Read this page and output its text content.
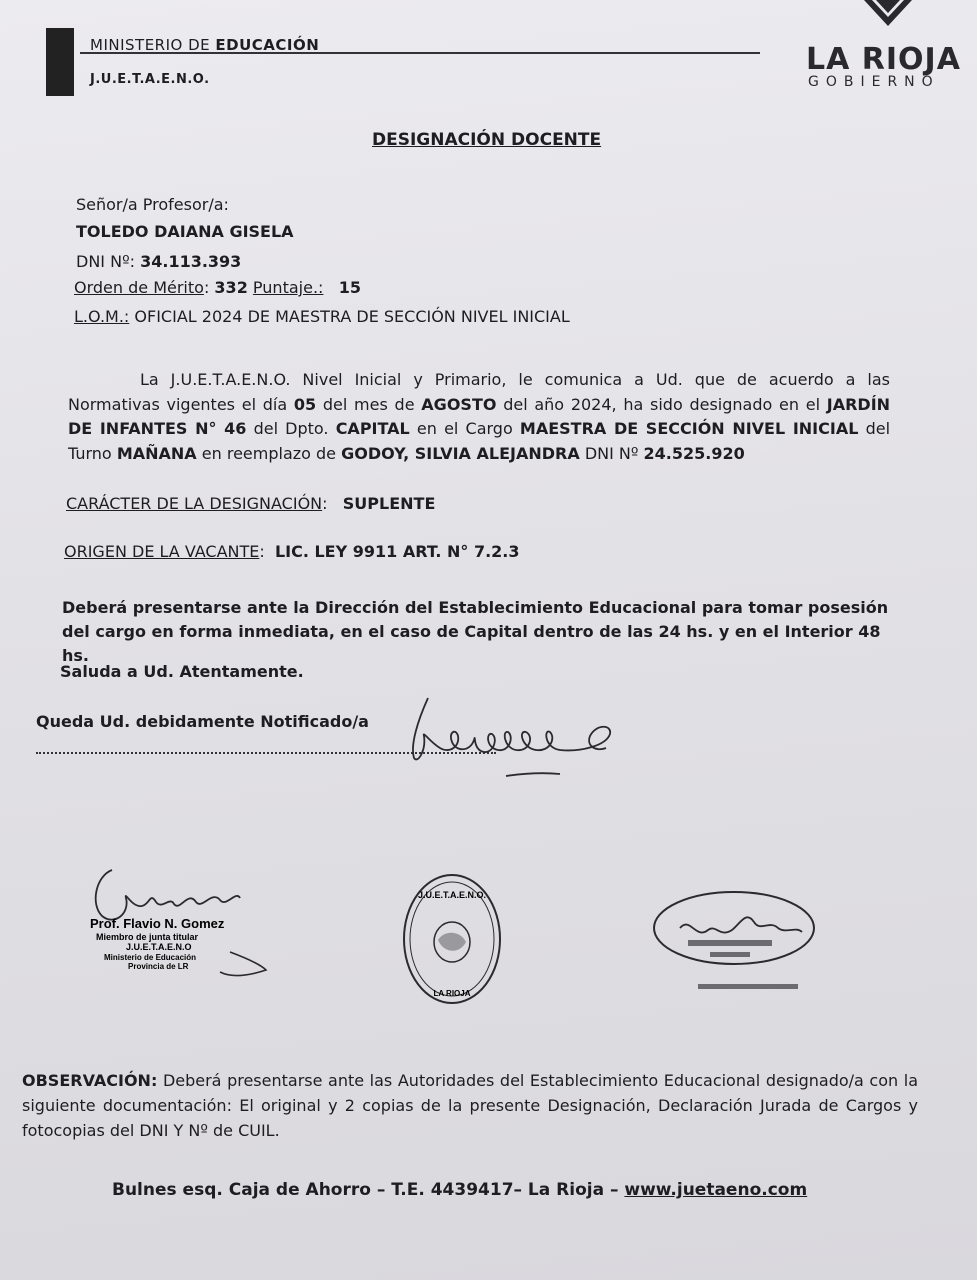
MINISTERIO DE EDUCACIÓN
J.U.E.T.A.E.N.O.
LA RIOJA
GOBIERNO
DESIGNACIÓN DOCENTE
Señor/a Profesor/a:
TOLEDO DAIANA GISELA
DNI Nº: 34.113.393
Orden de Mérito: 332 Puntaje.: 15
L.O.M.: OFICIAL 2024 DE MAESTRA DE SECCIÓN NIVEL INICIAL
La J.U.E.T.A.E.N.O. Nivel Inicial y Primario, le comunica a Ud. que de acuerdo a las Normativas vigentes el día 05 del mes de AGOSTO del año 2024, ha sido designado en el JARDÍN DE INFANTES N° 46 del Dpto. CAPITAL en el Cargo MAESTRA DE SECCIÓN NIVEL INICIAL del Turno MAÑANA en reemplazo de GODOY, SILVIA ALEJANDRA DNI Nº 24.525.920
CARÁCTER DE LA DESIGNACIÓN:   SUPLENTE
ORIGEN DE LA VACANTE:  LIC. LEY 9911 ART. N° 7.2.3
Deberá presentarse ante la Dirección del Establecimiento Educacional para tomar posesión del cargo en forma inmediata, en el caso de Capital dentro de las 24 hs. y en el Interior 48 hs.
Saluda a Ud. Atentamente.
Queda Ud. debidamente Notificado/a
Prof. Flavio N. Gomez
Miembro de junta titular
J.U.E.T.A.E.N.O
Ministerio de Educación
Provincia de LR
J.U.E.T.A.E.N.O.
LA RIOJA
OBSERVACIÓN: Deberá presentarse ante las Autoridades del Establecimiento Educacional designado/a con la siguiente documentación: El original y 2 copias de la presente Designación, Declaración Jurada de Cargos y fotocopias del DNI Y Nº de CUIL.
Bulnes esq. Caja de Ahorro – T.E. 4439417– La Rioja – www.juetaeno.com
